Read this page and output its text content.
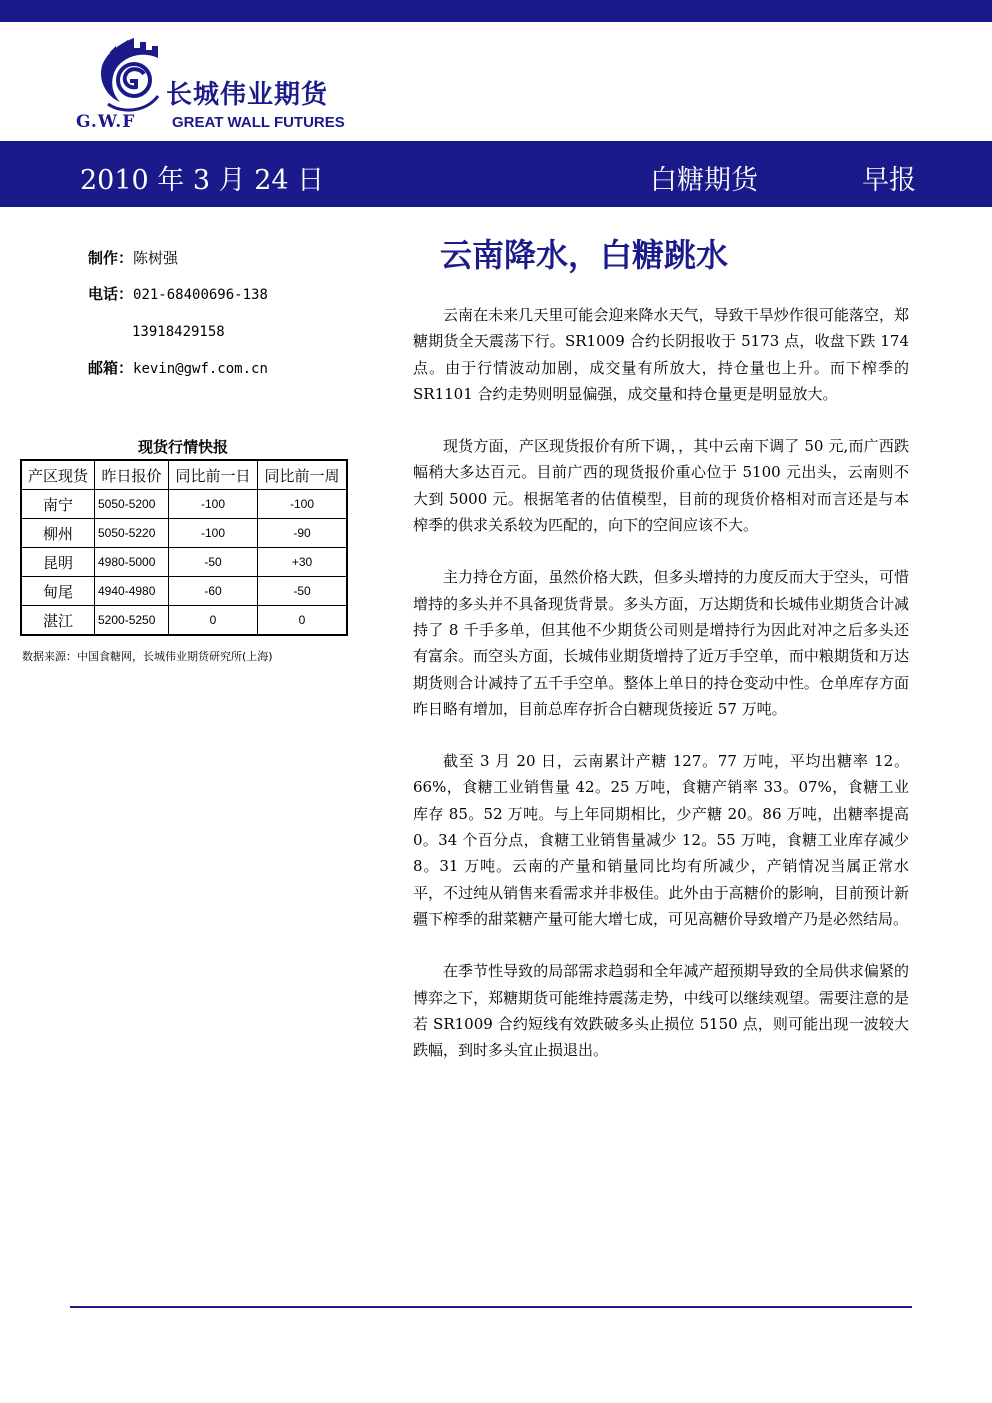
长城伟业期货
G.W.F GREAT WALL FUTURES
2010 年 3 月 24 日	白糖期货	早报
制作：陈树强
电话：021-68400696-138
13918429158
邮箱：kevin@gwf.com.cn
现货行情快报
产区现货	昨日报价	同比前一日	同比前一周
南宁	5050-5200	-100	-100
柳州	5050-5220	-100	-90
昆明	4980-5000	-50	+30
甸尾	4940-4980	-60	-50
湛江	5200-5250	0	0
数据来源：中国食糖网，长城伟业期货研究所(上海)
云南降水，白糖跳水

云南在未来几天里可能会迎来降水天气，导致干旱炒作很可能落空，郑糖期货全天震荡下行。SR1009 合约长阴报收于 5173 点，收盘下跌 174 点。由于行情波动加剧，成交量有所放大，持仓量也上升。而下榨季的 SR1101 合约走势则明显偏强，成交量和持仓量更是明显放大。

现货方面，产区现货报价有所下调，，其中云南下调了 50 元,而广西跌幅稍大多达百元。目前广西的现货报价重心位于 5100 元出头，云南则不大到 5000 元。根据笔者的估值模型，目前的现货价格相对而言还是与本榨季的供求关系较为匹配的，向下的空间应该不大。

主力持仓方面，虽然价格大跌，但多头增持的力度反而大于空头，可惜增持的多头并不具备现货背景。多头方面，万达期货和长城伟业期货合计减持了 8 千手多单，但其他不少期货公司则是增持行为因此对冲之后多头还有富余。而空头方面，长城伟业期货增持了近万手空单，而中粮期货和万达期货则合计减持了五千手空单。整体上单日的持仓变动中性。仓单库存方面昨日略有增加，目前总库存折合白糖现货接近 57 万吨。

截至 3 月 20 日，云南累计产糖 127。77 万吨，平均出糖率 12。66%，食糖工业销售量 42。25 万吨，食糖产销率 33。07%，食糖工业库存 85。52 万吨。与上年同期相比，少产糖 20。86 万吨，出糖率提高 0。34 个百分点，食糖工业销售量减少 12。55 万吨，食糖工业库存减少 8。31 万吨。云南的产量和销量同比均有所减少，产销情况当属正常水平，不过纯从销售来看需求并非极佳。此外由于高糖价的影响，目前预计新疆下榨季的甜菜糖产量可能大增七成，可见高糖价导致增产乃是必然结局。

在季节性导致的局部需求趋弱和全年减产超预期导致的全局供求偏紧的博弈之下，郑糖期货可能维持震荡走势，中线可以继续观望。需要注意的是若 SR1009 合约短线有效跌破多头止损位 5150 点，则可能出现一波较大跌幅，到时多头宜止损退出。
